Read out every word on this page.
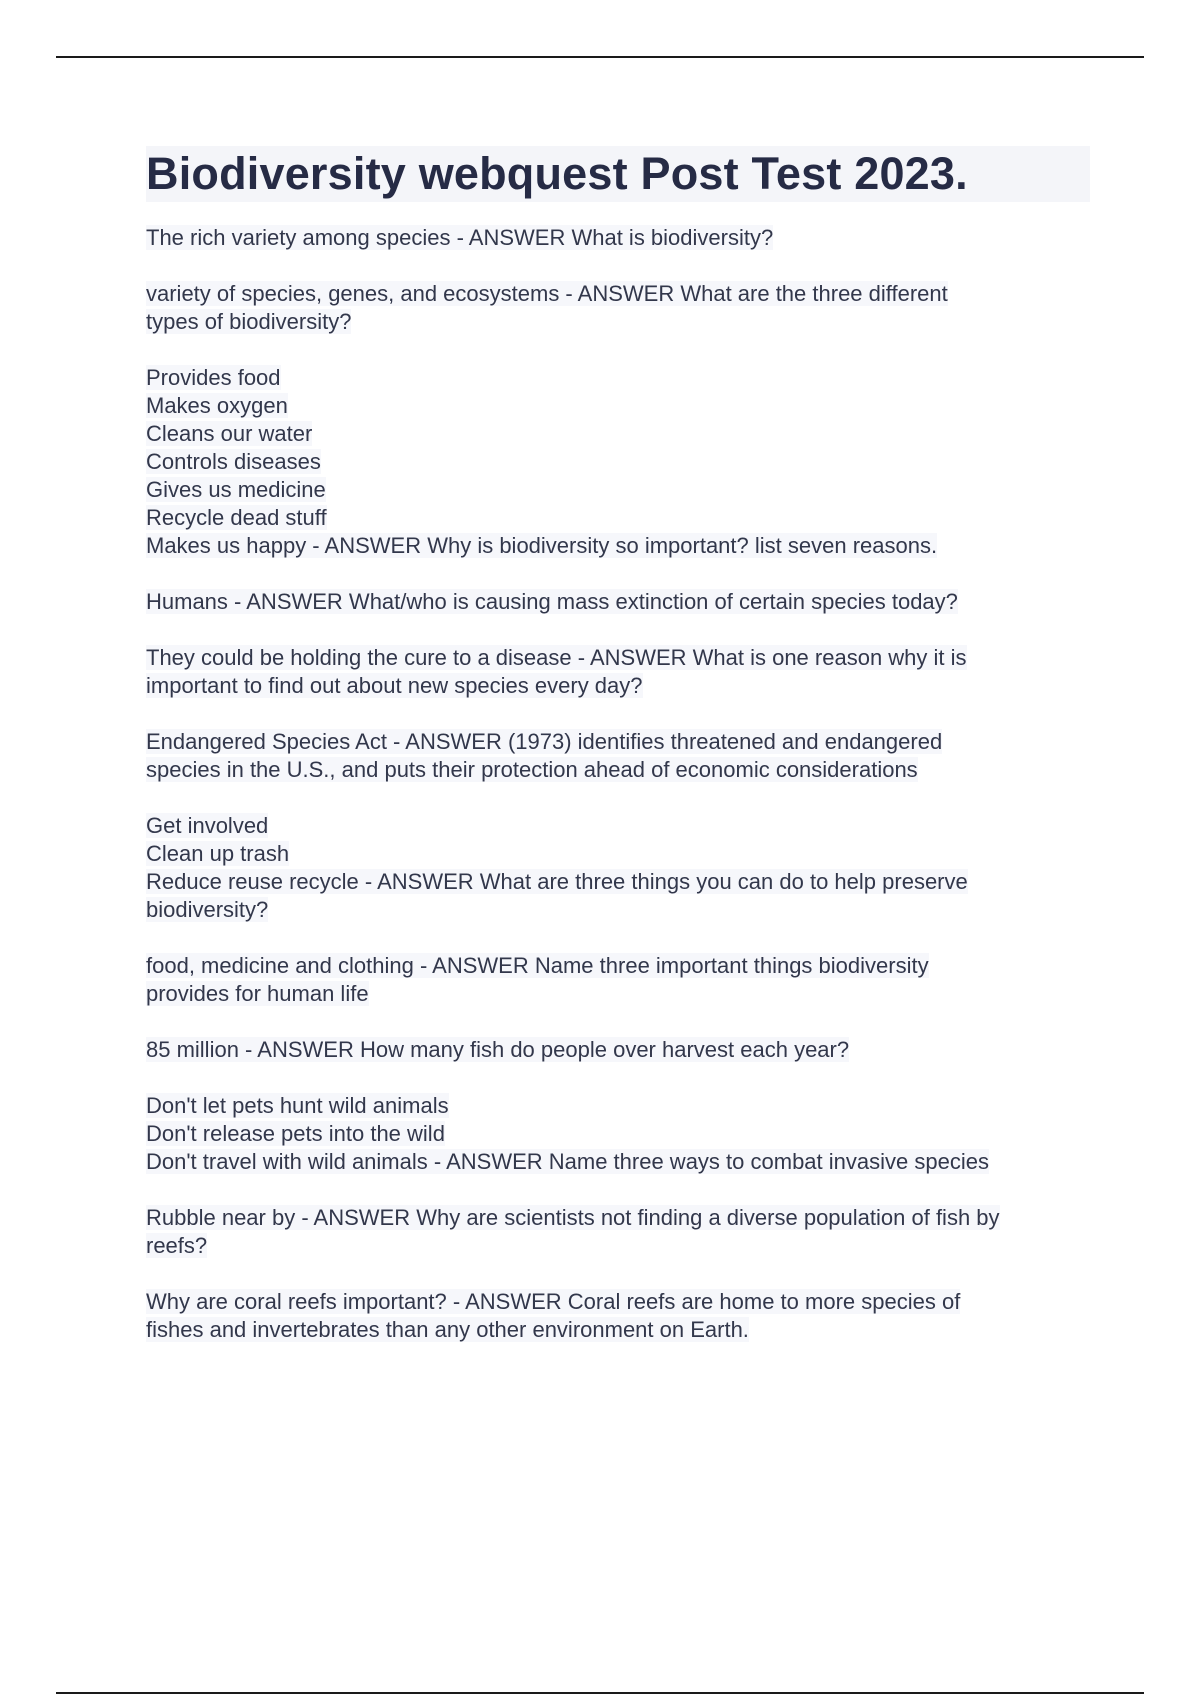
Biodiversity webquest Post Test 2023.
The rich variety among species - ANSWER What is biodiversity?
variety of species, genes, and ecosystems - ANSWER What are the three different
types of biodiversity?
Provides food
Makes oxygen
Cleans our water
Controls diseases
Gives us medicine
Recycle dead stuff
Makes us happy - ANSWER Why is biodiversity so important? list seven reasons.
Humans - ANSWER What/who is causing mass extinction of certain species today?
They could be holding the cure to a disease - ANSWER What is one reason why it is
important to find out about new species every day?
Endangered Species Act - ANSWER (1973) identifies threatened and endangered
species in the U.S., and puts their protection ahead of economic considerations
Get involved
Clean up trash
Reduce reuse recycle - ANSWER What are three things you can do to help preserve
biodiversity?
food, medicine and clothing - ANSWER Name three important things biodiversity
provides for human life
85 million - ANSWER How many fish do people over harvest each year?
Don't let pets hunt wild animals
Don't release pets into the wild
Don't travel with wild animals - ANSWER Name three ways to combat invasive species
Rubble near by - ANSWER Why are scientists not finding a diverse population of fish by
reefs?
Why are coral reefs important? - ANSWER Coral reefs are home to more species of
fishes and invertebrates than any other environment on Earth.
